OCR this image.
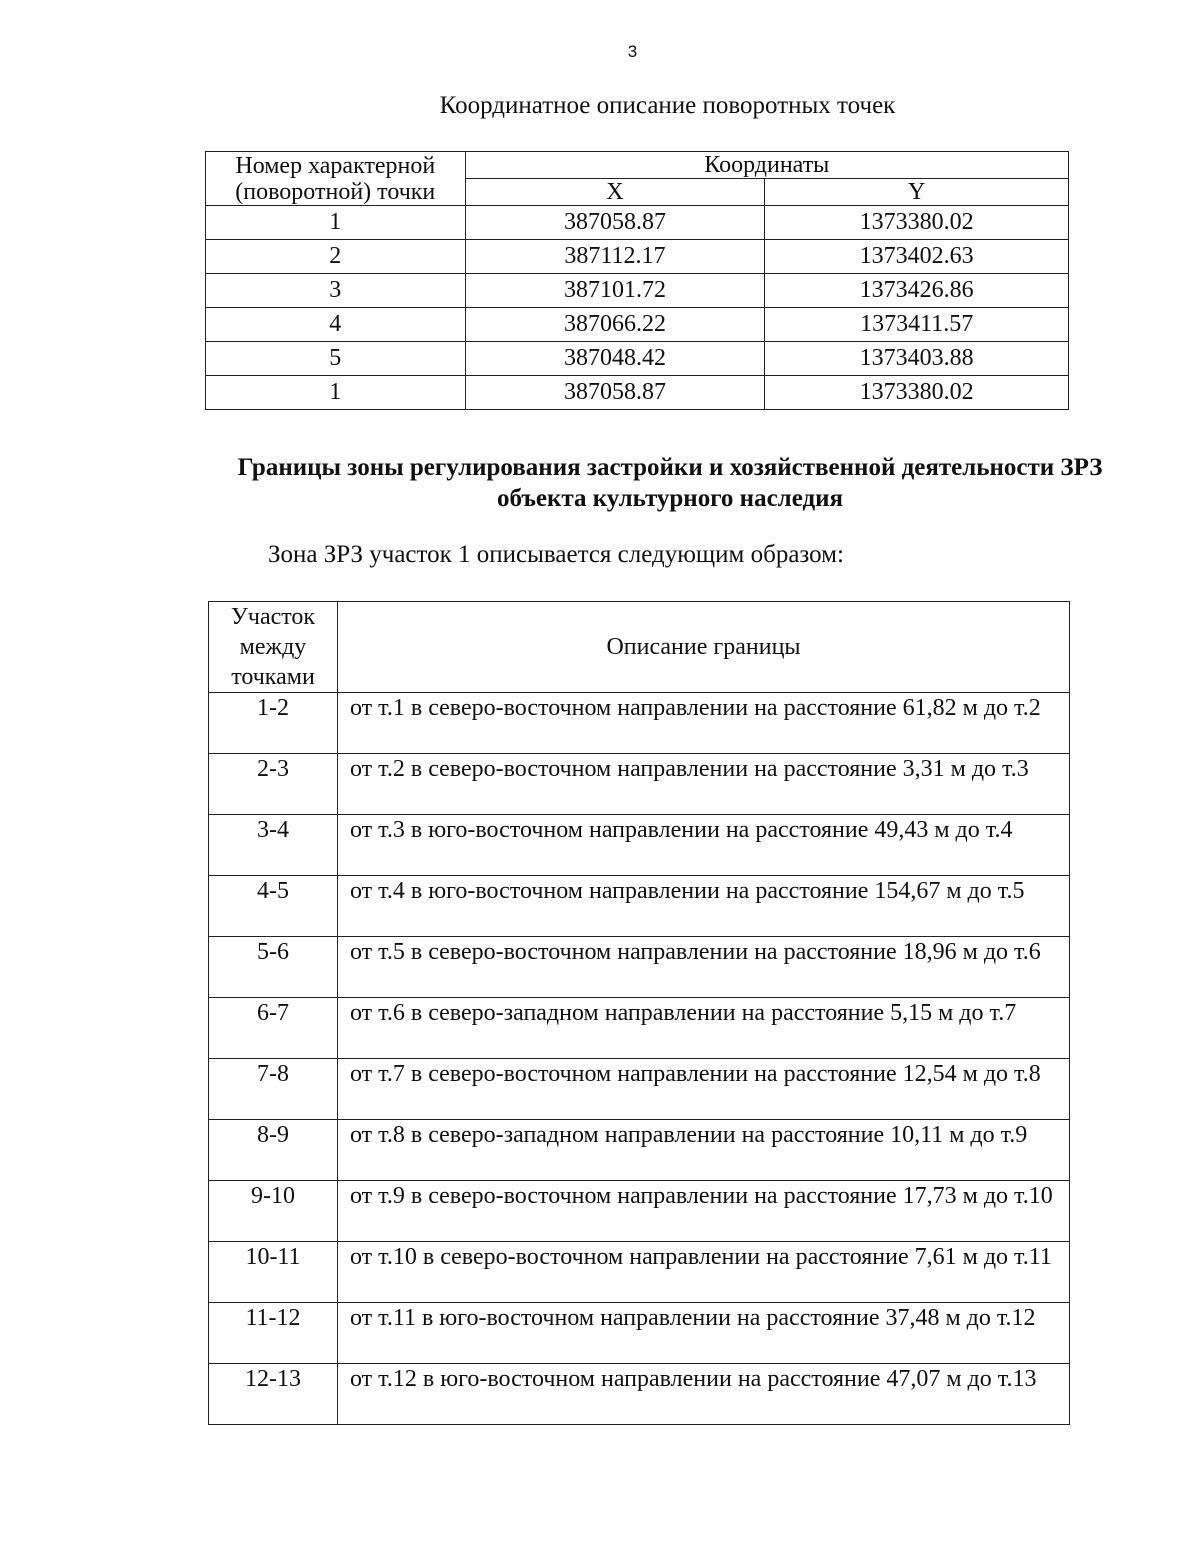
3
Координатное описание поворотных точек
Номер характерной (поворотной) точки	Координаты	
	X	Y
1	387058.87	1373380.02
2	387112.17	1373402.63
3	387101.72	1373426.86
4	387066.22	1373411.57
5	387048.42	1373403.88
1	387058.87	1373380.02
Границы зоны регулирования застройки и хозяйственной деятельности ЗРЗ объекта культурного наследия
Зона ЗРЗ участок 1 описывается следующим образом:
Участок между точками	Описание границы
1-2	от т.1 в северо-восточном направлении на расстояние 61,82 м до т.2
2-3	от т.2 в северо-восточном направлении на расстояние 3,31 м до т.3
3-4	от т.3 в юго-восточном направлении на расстояние 49,43 м до т.4
4-5	от т.4 в юго-восточном направлении на расстояние 154,67 м до т.5
5-6	от т.5 в северо-восточном направлении на расстояние 18,96 м до т.6
6-7	от т.6 в северо-западном направлении на расстояние 5,15 м до т.7
7-8	от т.7 в северо-восточном направлении на расстояние 12,54 м до т.8
8-9	от т.8 в северо-западном направлении на расстояние 10,11 м до т.9
9-10	от т.9 в северо-восточном направлении на расстояние 17,73 м до т.10
10-11	от т.10 в северо-восточном направлении на расстояние 7,61 м до т.11
11-12	от т.11 в юго-восточном направлении на расстояние 37,48 м до т.12
12-13	от т.12 в юго-восточном направлении на расстояние 47,07 м до т.13
